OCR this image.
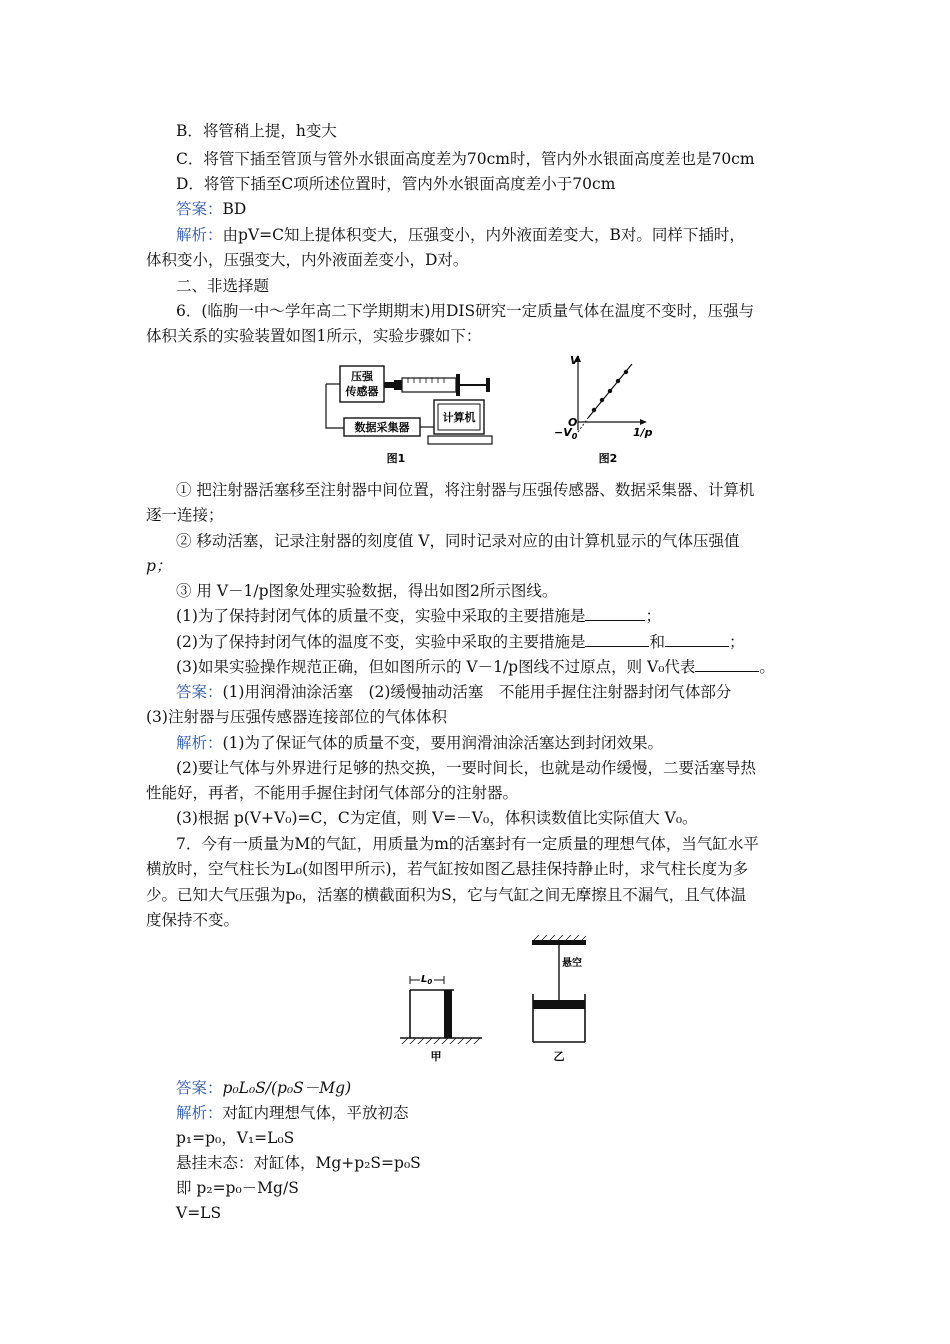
B．将管稍上提，h变大
C．将管下插至管顶与管外水银面高度差为70cm时，管内外水银面高度差也是70cm
D．将管下插至C项所述位置时，管内外水银面高度差小于70cm
答案：BD
解析：由pV=C知上提体积变大，压强变小，内外液面差变大，B对。同样下插时，
体积变小，压强变大，内外液面差变小，D对。
二、非选择题
6．(临朐一中～学年高二下学期期末)用DIS研究一定质量气体在温度不变时，压强与
体积关系的实验装置如图1所示，实验步骤如下：
压强
传感器
数据采集器
计算机
图1
V
1/p
O
$-V_0$
图2
① 把注射器活塞移至注射器中间位置，将注射器与压强传感器、数据采集器、计算机
逐一连接；
② 移动活塞，记录注射器的刻度值 V，同时记录对应的由计算机显示的气体压强值
p；
③ 用 V－1/p图象处理实验数据，得出如图2所示图线。
(1)为了保持封闭气体的质量不变，实验中采取的主要措施是	；
(2)为了保持封闭气体的温度不变，实验中采取的主要措施是	和	；
(3)如果实验操作规范正确，但如图所示的 V－1/p图线不过原点，则 V₀代表	。
答案：(1)用润滑油涂活塞　(2)缓慢抽动活塞　不能用手握住注射器封闭气体部分
(3)注射器与压强传感器连接部位的气体体积
解析：(1)为了保证气体的质量不变，要用润滑油涂活塞达到封闭效果。
(2)要让气体与外界进行足够的热交换，一要时间长，也就是动作缓慢，二要活塞导热
性能好，再者，不能用手握住封闭气体部分的注射器。
(3)根据 p(V+V₀)=C，C为定值，则 V=－V₀，体积读数值比实际值大 V₀。
7．今有一质量为M的气缸，用质量为m的活塞封有一定质量的理想气体，当气缸水平
横放时，空气柱长为L₀(如图甲所示)，若气缸按如图乙悬挂保持静止时，求气柱长度为多
少。已知大气压强为p₀，活塞的横截面积为S，它与气缸之间无摩擦且不漏气，且气体温
度保持不变。
$L_0$
甲
悬空
乙
答案：p₀L₀S/(p₀S－Mg)
解析：对缸内理想气体，平放初态
p₁=p₀，V₁=L₀S
悬挂末态：对缸体，Mg+p₂S=p₀S
即 p₂=p₀－Mg/S
V=LS
